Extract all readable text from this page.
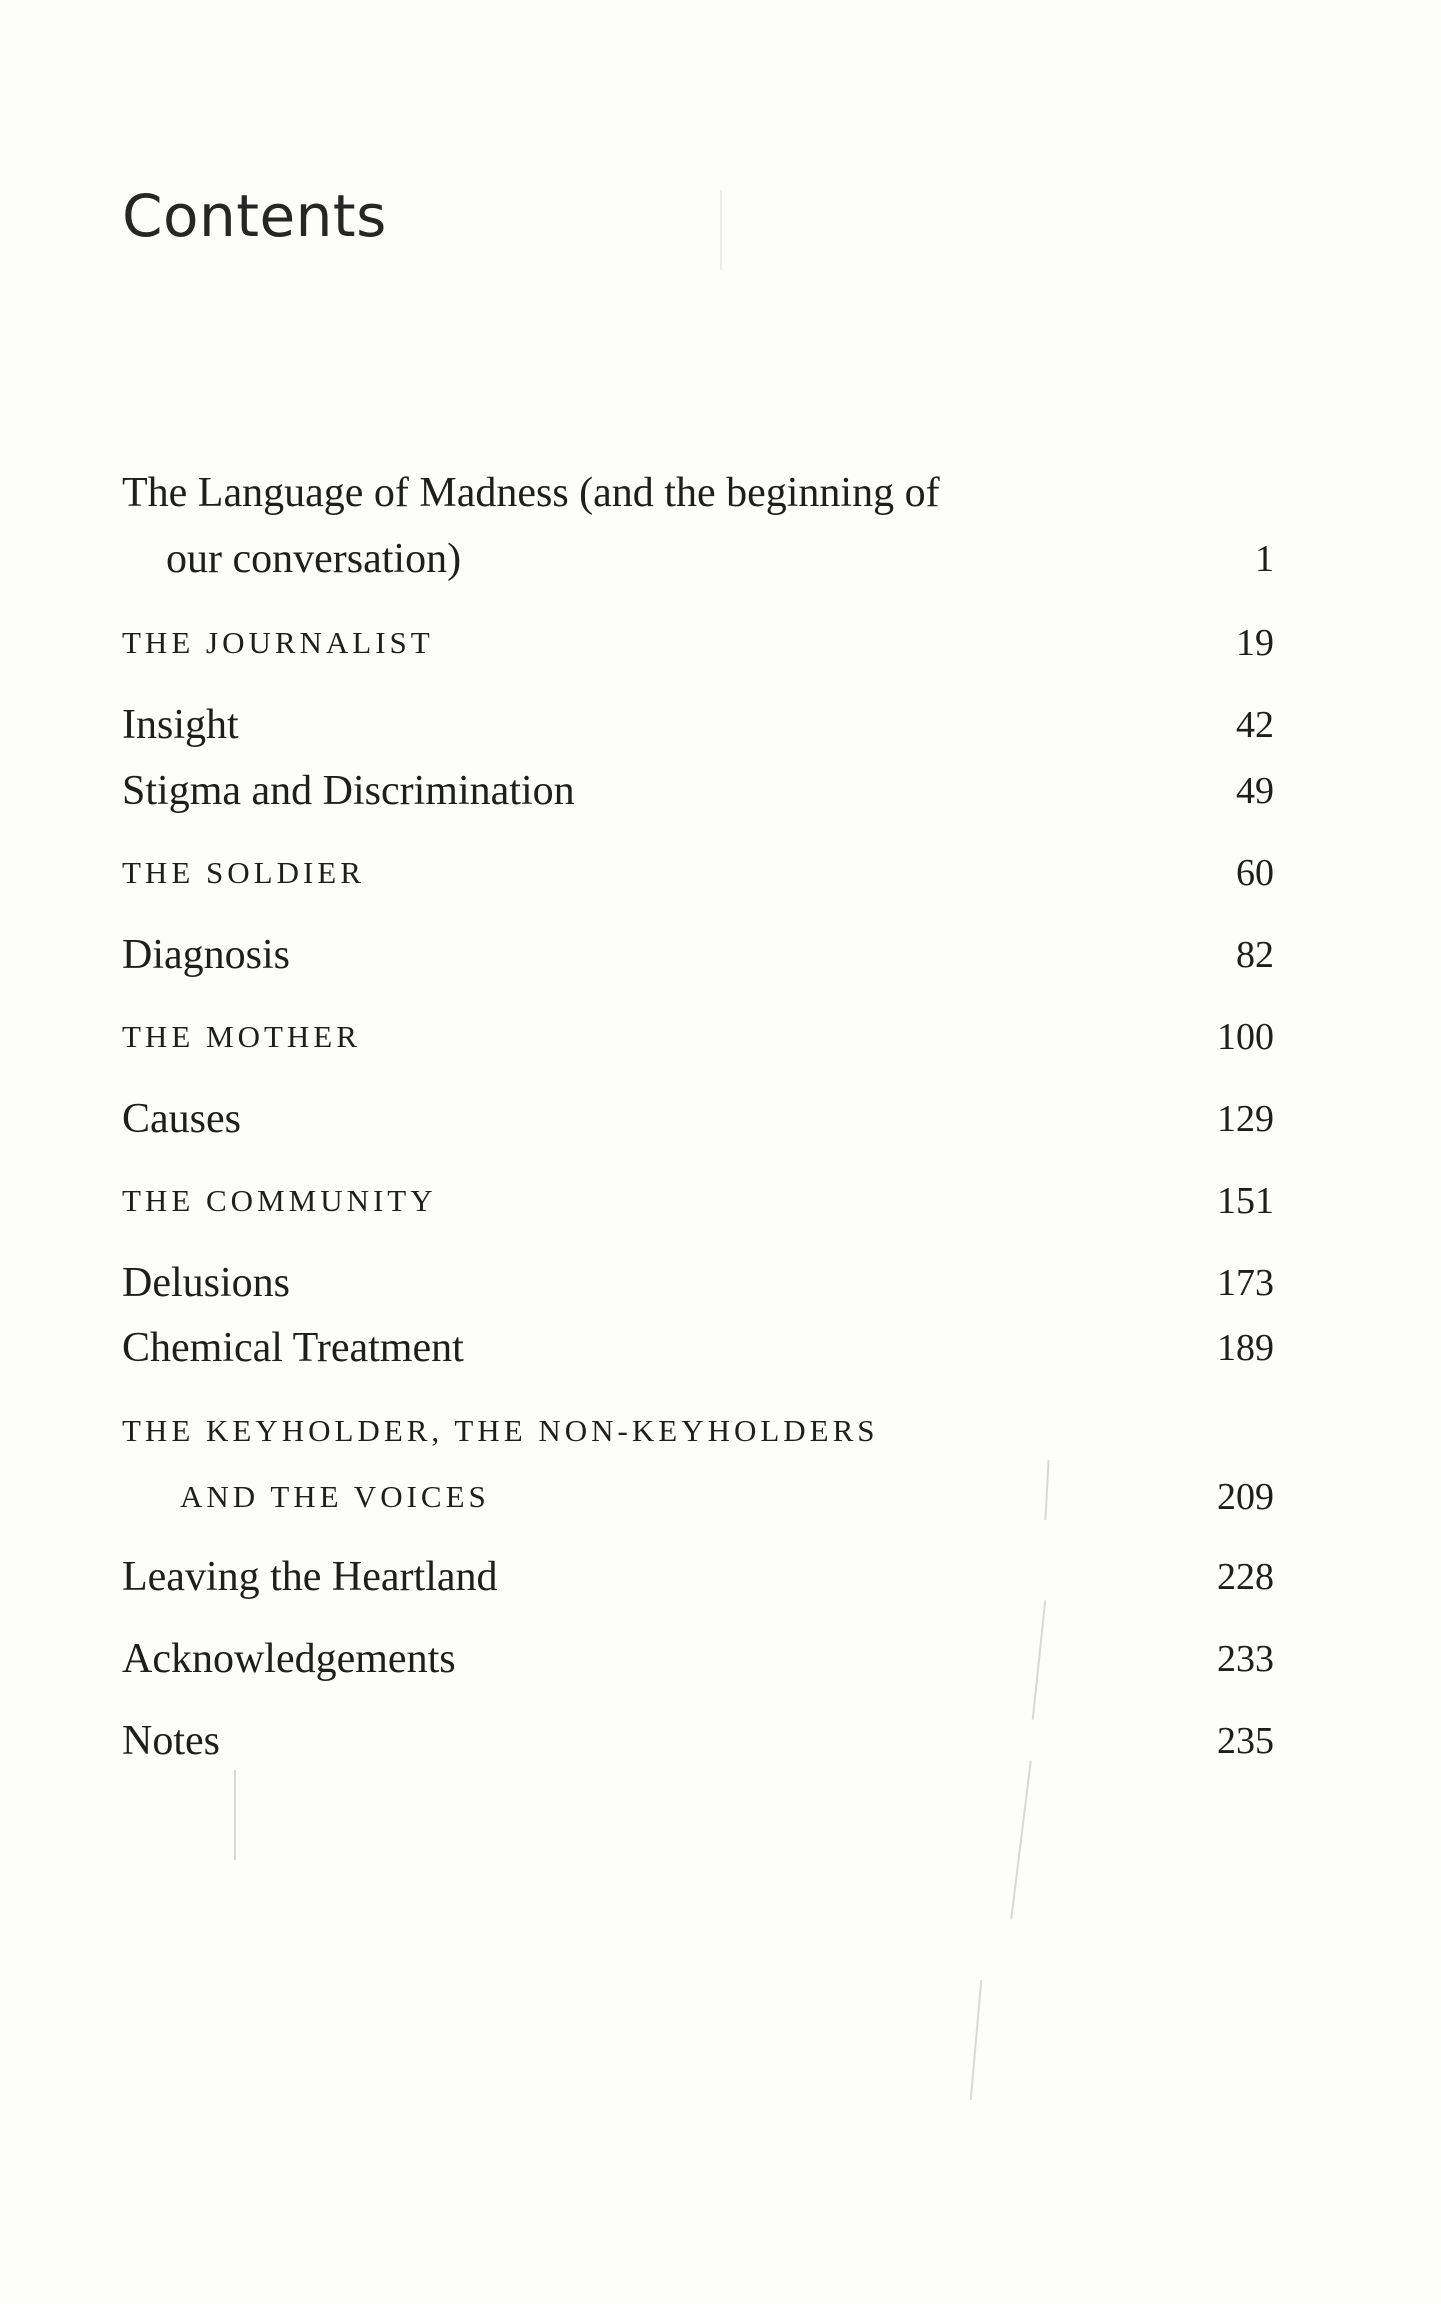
Contents
The Language of Madness (and the beginning of
our conversation)	1
THE JOURNALIST	19
Insight	42
Stigma and Discrimination	49
THE SOLDIER	60
Diagnosis	82
THE MOTHER	100
Causes	129
THE COMMUNITY	151
Delusions	173
Chemical Treatment	189
THE KEYHOLDER, THE NON-KEYHOLDERS
AND THE VOICES	209
Leaving the Heartland	228
Acknowledgements	233
Notes	235
